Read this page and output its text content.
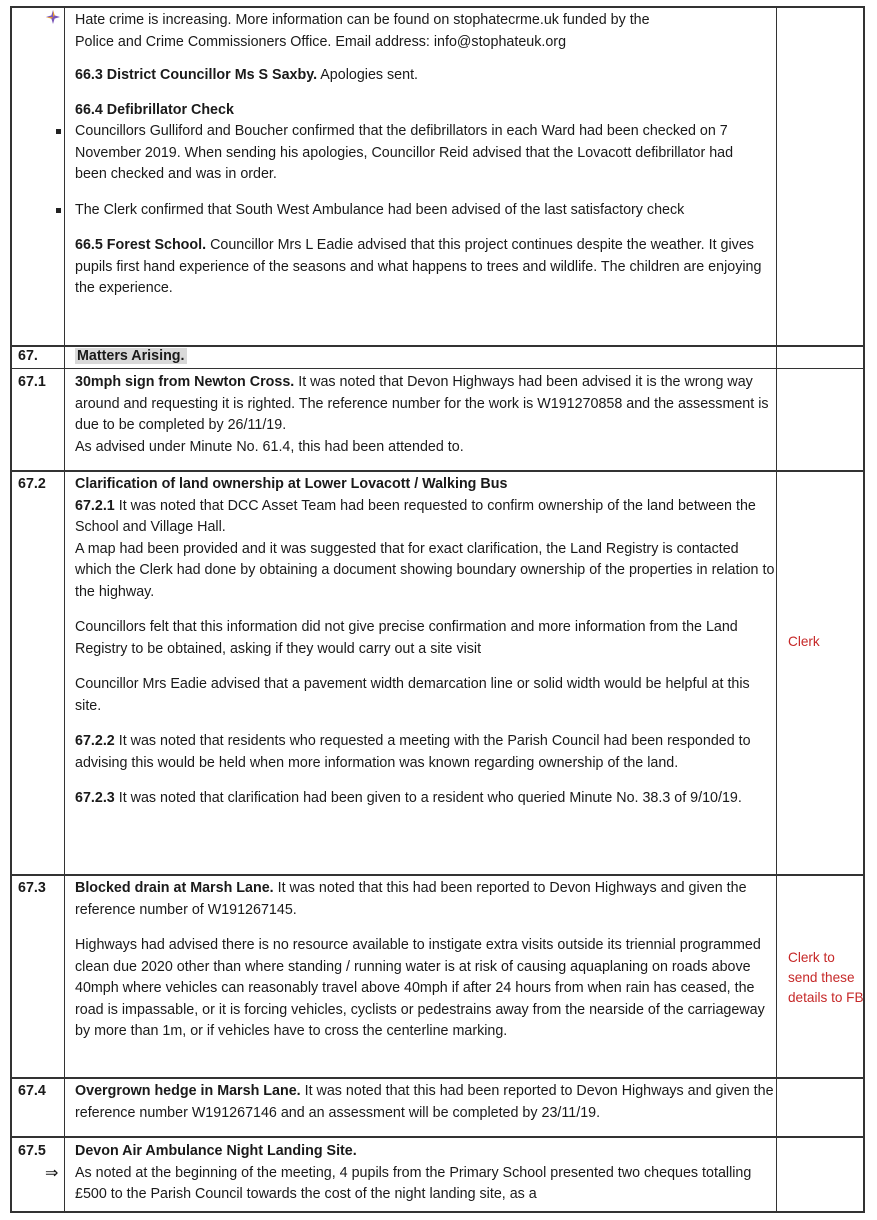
Hate crime is increasing. More information can be found on stophatecrme.uk funded by the

Police and Crime Commissioners Office. Email address: info@stophateuk.org

66.3 District Councillor Ms S Saxby. Apologies sent.

66.4 Defibrillator Check

Councillors Gulliford and Boucher confirmed that the defibrillators in each Ward had been checked on 7 November 2019. When sending his apologies, Councillor Reid advised that the Lovacott defibrillator had been checked and was in order.

The Clerk confirmed that South West Ambulance had been advised of the last satisfactory check

66.5 Forest School. Councillor Mrs L Eadie advised that this project continues despite the weather. It gives pupils first hand experience of the seasons and what happens to trees and wildlife. The children are enjoying the experience.

67.	Matters Arising.
67.1 30mph sign from Newton Cross. It was noted that Devon Highways had been advised it is the wrong way around and requesting it is righted. The reference number for the work is W191270858 and the assessment is due to be completed by 26/11/19.

As advised under Minute No. 61.4, this had been attended to.

67.2 Clarification of land ownership at Lower Lovacott / Walking Bus

67.2.1 It was noted that DCC Asset Team had been requested to confirm ownership of the land between the School and Village Hall.

A map had been provided and it was suggested that for exact clarification, the Land Registry is contacted which the Clerk had done by obtaining a document showing boundary ownership of the properties in relation to the highway.

Councillors felt that this information did not give precise confirmation and more information from the Land Registry to be obtained, asking if they would carry out a site visit

Councillor Mrs Eadie advised that a pavement width demarcation line or solid width would be helpful at this site.

67.2.2 It was noted that residents who requested a meeting with the Parish Council had been responded to advising this would be held when more information was known regarding ownership of the land.

67.2.3 It was noted that clarification had been given to a resident who queried Minute No. 38.3 of 9/10/19.

Clerk
67.3 Blocked drain at Marsh Lane. It was noted that this had been reported to Devon Highways and given the reference number of W191267145.

Highways had advised there is no resource available to instigate extra visits outside its triennial programmed clean due 2020 other than where standing / running water is at risk of causing aquaplaning on roads above 40mph where vehicles can reasonably travel above 40mph if after 24 hours from when rain has ceased, the road is impassable, or it is forcing vehicles, cyclists or pedestrains away from the nearside of the carriageway by more than 1m, or if vehicles have to cross the centerline marking.

Clerk to send these details to FB
67.4 Overgrown hedge in Marsh Lane. It was noted that this had been reported to Devon Highways and given the reference number W191267146 and an assessment will be completed by 23/11/19.

67.5 Devon Air Ambulance Night Landing Site.

⇒ As noted at the beginning of the meeting, 4 pupils from the Primary School presented two cheques totalling £500 to the Parish Council towards the cost of the night landing site, as a
